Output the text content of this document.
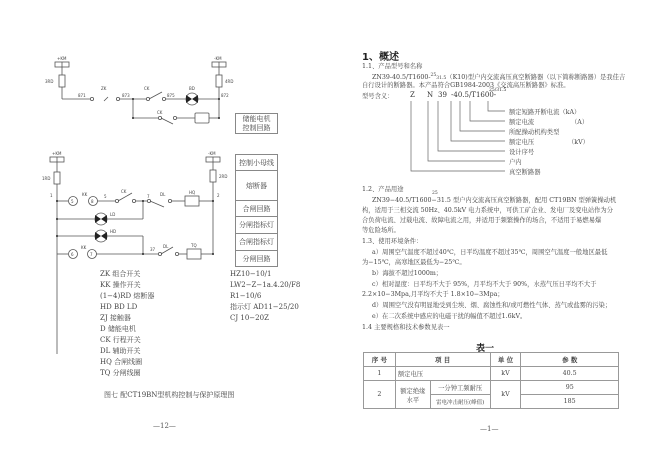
+KM	-KM
3RD	4RD
871	873	875	872
ZK	CK	BD
CK
+KM	-KM
1RD	2RD
1	2
5
KK
8
5
CK
7	DL	HQ
LD
HD
6
KK
7
37
DL	TQ
储能电机
控制回路
控制小母线
熔断器
合闸回路
分闸指标灯
合闸指标灯
分闸回路
ZK 组合开关	HZ10−10/1
KK 操作开关	LW2−Z−1a.4.20/F8
(1−4)RD 熔断器	R1−10/6
HD BD LD	指示灯 AD11−25/20
ZJ 接触器	CJ 10−20Z
D 储能电机
CK 行程开关
DL 辅助开关
HQ 合闸线圈
TQ 分闸线圈
图七 配CT19BN型机构控制与保护原理图
—12—
1、概述
1.1、产品型号和名称
ZN39-40.5/T1600-$^{25}$31.5（K10)型户内交流高压真空断路器（以下简称断路器）是我佳吉
自行设计的断路器。本产品符合GB1984-2003《交流高压断路器》标准。
型号含义： Z N 39 -40.5/T1600-
25/31.5
额定短路开断电流（kA）
额定电流	（A）
所配操动机构类型
额定电压	（kV）
设计序号
户内
真空断路器
1.2、产品用途
25
ZN39−40.5/T1600−31.5 型户内交流高压真空断路器，配用 CT19BN 型弹簧操动机
构，适用于三相交流 50Hz、40.5kV 电力系统中，可供工矿企业、发电厂及变电站作为分
合负荷电流、过载电流、故障电流之用，并适用于频繁操作的场合，不适用于易燃易爆
等危险场所。
1.3、使用环境条件：
a）周围空气温度不超过40℃，日平均温度不超过35℃，周围空气温度一般地区最低
为−15℃，高寒地区最低为−25℃。
b）海拔不超过1000m；
c）相对湿度：日平均不大于 95%，月平均不大于 90%，水蒸气压日平均不大于
2.2×10−3Mpa,月平均不大于 1.8×10−3Mpa；
d）周围空气没有明显地受到尘埃、烟、腐蚀性和/或可燃性气体、蒸气或盐雾的污染；
e）在二次系统中感应的电磁干扰的幅值不超过1.6kV。
1.4 主要规格和技术参数见表一
表一
序 号	项 目		单 位	参 数
1	额定电压		kV	40.5
2	额定绝缘水平	一分钟工频耐压	kV	95
		雷电冲击耐压(峰值)		185
—1—
